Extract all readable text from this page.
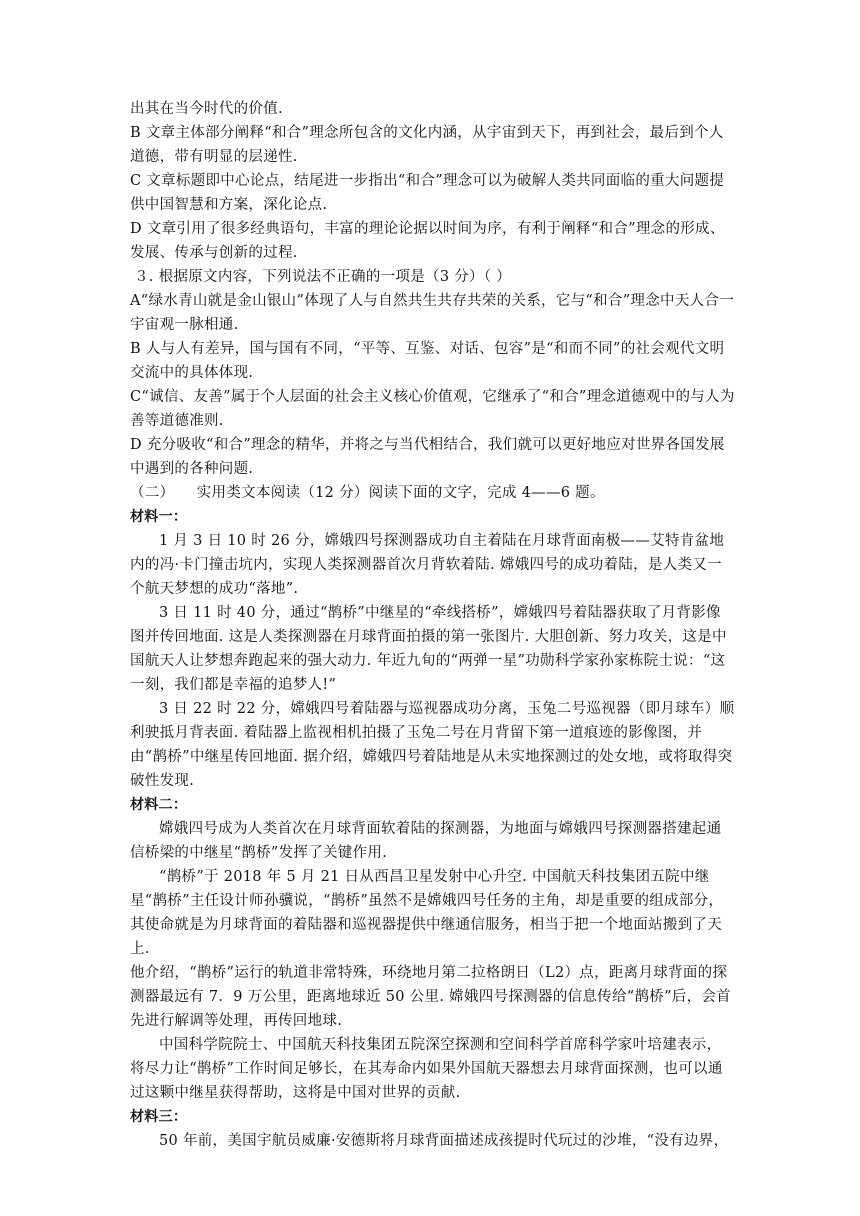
出其在当今时代的价值.

B 文章主体部分阐释“和合”理念所包含的文化内涵，从宇宙到天下，再到社会，最后到个人道德，带有明显的层递性.

C 文章标题即中心论点，结尾进一步指出“和合”理念可以为破解人类共同面临的重大问题提供中国智慧和方案，深化论点.

D 文章引用了很多经典语句，丰富的理论论据以时间为序，有利于阐释“和合”理念的形成、发展、传承与创新的过程.

３. 根据原文内容，下列说法不正确的一项是（3 分）（ ）

A“绿水青山就是金山银山”体现了人与自然共生共存共荣的关系，它与“和合”理念中天人合一宇宙观一脉相通.

B 人与人有差异，国与国有不同，“平等、互鉴、对话、包容”是“和而不同”的社会观代文明交流中的具体体现.

C“诚信、友善”属于个人层面的社会主义核心价值观，它继承了“和合”理念道德观中的与人为善等道德准则.

D 充分吸收“和合”理念的精华，并将之与当代相结合，我们就可以更好地应对世界各国发展中遇到的各种问题.

（二）　　实用类文本阅读（12 分）阅读下面的文字，完成 4——6 题。

材料一：

1 月 3 日 10 时 26 分，嫦娥四号探测器成功自主着陆在月球背面南极——艾特肯盆地内的冯·卡门撞击坑内，实现人类探测器首次月背软着陆. 嫦娥四号的成功着陆，是人类又一个航天梦想的成功“落地”.

3 日 11 时 40 分，通过“鹊桥”中继星的“牵线搭桥”，嫦娥四号着陆器获取了月背影像图并传回地面. 这是人类探测器在月球背面拍摄的第一张图片. 大胆创新、努力攻关，这是中国航天人让梦想奔跑起来的强大动力. 年近九旬的“两弹一星”功勋科学家孙家栋院士说：“这一刻，我们都是幸福的追梦人!”

3 日 22 时 22 分，嫦娥四号着陆器与巡视器成功分离，玉兔二号巡视器（即月球车）顺利驶抵月背表面. 着陆器上监视相机拍摄了玉兔二号在月背留下第一道痕迹的影像图，并由“鹊桥”中继星传回地面. 据介绍，嫦娥四号着陆地是从未实地探测过的处女地，或将取得突破性发现.

材料二：

嫦娥四号成为人类首次在月球背面软着陆的探测器，为地面与嫦娥四号探测器搭建起通信桥梁的中继星“鹊桥”发挥了关键作用.

“鹊桥”于 2018 年 5 月 21 日从西昌卫星发射中心升空. 中国航天科技集团五院中继星“鹊桥”主任设计师孙骥说，“鹊桥”虽然不是嫦娥四号任务的主角，却是重要的组成部分，其使命就是为月球背面的着陆器和巡视器提供中继通信服务，相当于把一个地面站搬到了天上.

他介绍，“鹊桥”运行的轨道非常特殊，环绕地月第二拉格朗日（L2）点，距离月球背面的探测器最远有 7．9 万公里，距离地球近 50 公里. 嫦娥四号探测器的信息传给“鹊桥”后，会首先进行解调等处理，再传回地球.

中国科学院院士、中国航天科技集团五院深空探测和空间科学首席科学家叶培建表示，将尽力让“鹊桥”工作时间足够长，在其寿命内如果外国航天器想去月球背面探测，也可以通过这颗中继星获得帮助，这将是中国对世界的贡献.

材料三：

50 年前，美国宇航员威廉·安德斯将月球背面描述成孩提时代玩过的沙堆，“没有边界，
